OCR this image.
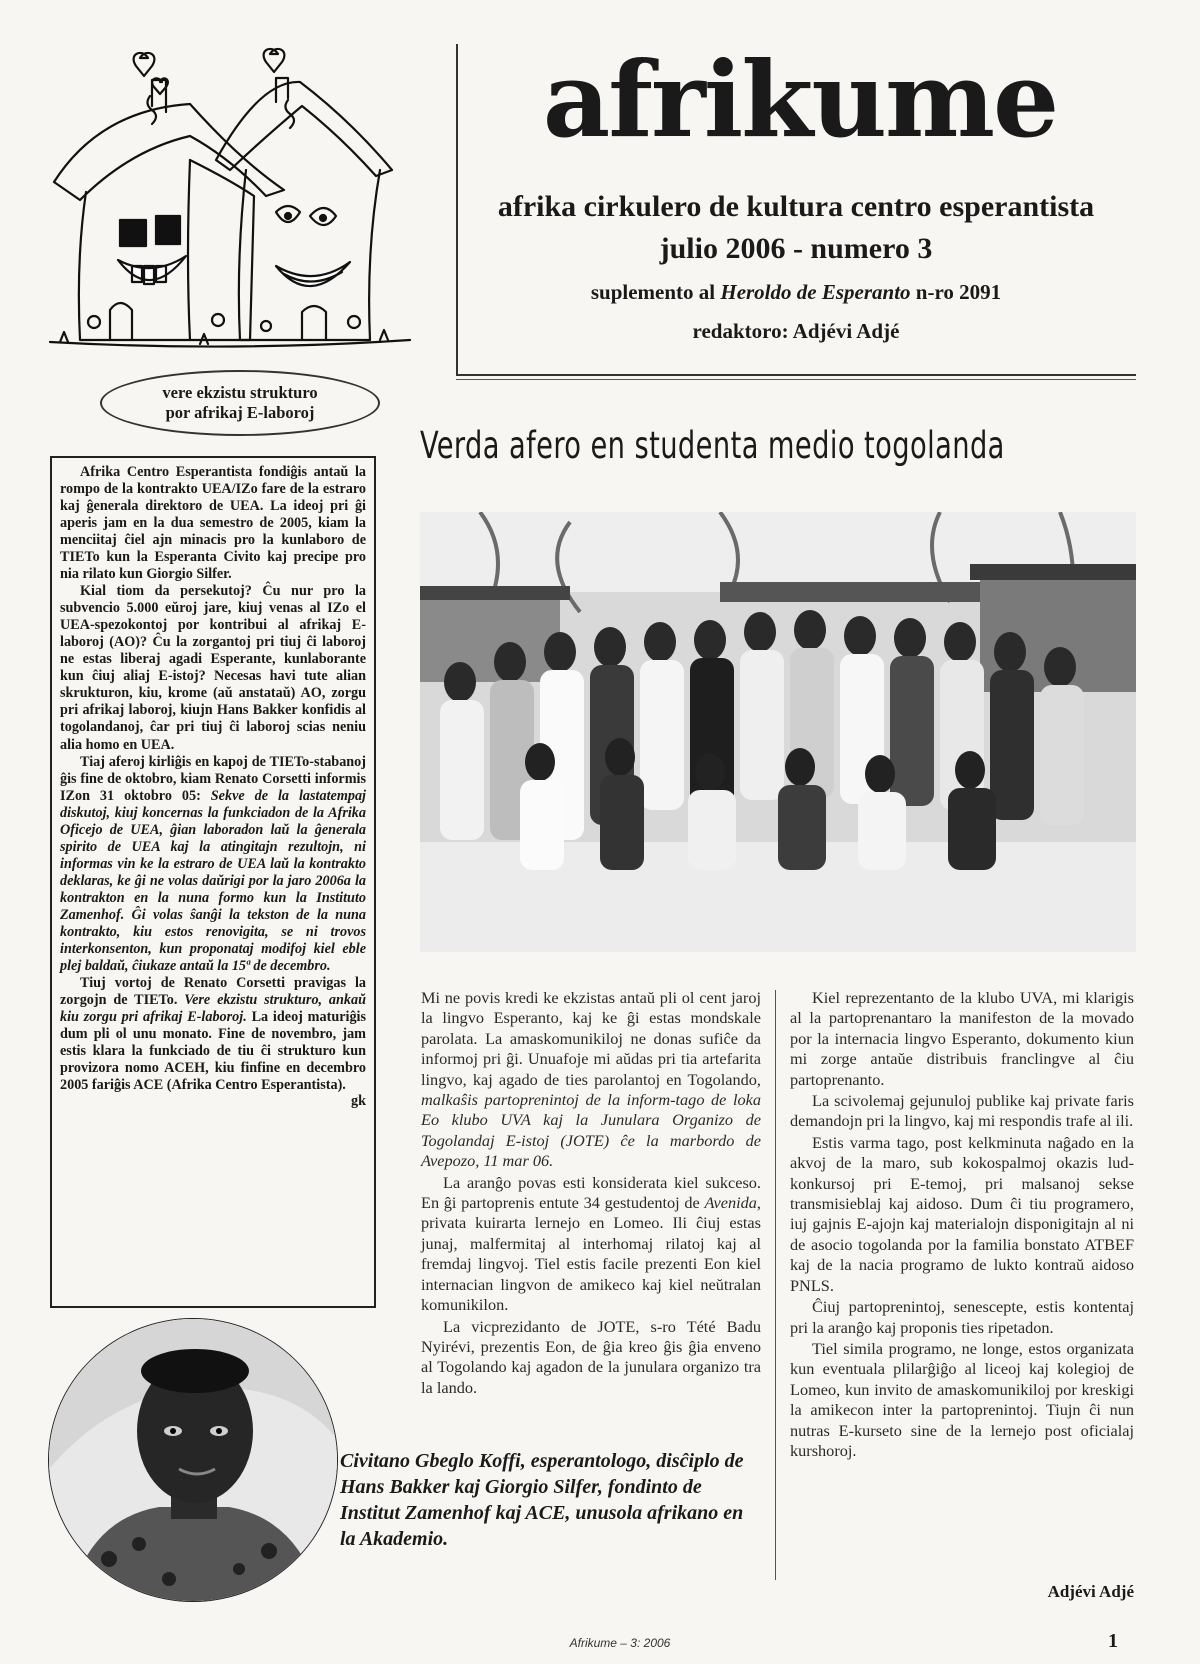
afrikume
afrika cirkulero de kultura centro esperantista
julio 2006 - numero 3
suplemento al Heroldo de Esperanto n-ro 2091
redaktoro: Adjévi Adjé
vere ekzistu strukturo
por afrikaj E-laboroj

Afrika Centro Esperantista fondiĝis antaŭ la rompo de la kontrakto UEA/IZo fare de la estraro kaj ĝenerala direktoro de UEA. La ideoj pri ĝi aperis jam en la dua semestro de 2005, kiam la menciitaj ĉiel ajn minacis pro la kunlaboro de TIETo kun la Esperanta Civito kaj precipe pro nia rilato kun Giorgio Silfer.

Kial tiom da persekutoj? Ĉu nur pro la subvencio 5.000 eŭroj jare, kiuj venas al IZo el UEA-spezokontoj por kontribui al afrikaj E-laboroj (AO)? Ĉu la zorgantoj pri tiuj ĉi laboroj ne estas liberaj agadi Esperante, kunlaborante kun ĉiuj aliaj E-istoj? Necesas havi tute alian skrukturon, kiu, krome (aŭ anstataŭ) AO, zorgu pri afrikaj laboroj, kiujn Hans Bakker konfidis al togolandanoj, ĉar pri tiuj ĉi laboroj scias neniu alia homo en UEA.

Tiaj aferoj kirliĝis en kapoj de TIETo-stabanoj ĝis fine de oktobro, kiam Renato Corsetti informis IZon 31 oktobro 05: Sekve de la lastatempaj diskutoj, kiuj koncernas la funkciadon de la Afrika Oficejo de UEA, ĝian laboradon laŭ la ĝenerala spirito de UEA kaj la atingitajn rezultojn, ni informas vin ke la estraro de UEA laŭ la kontrakto deklaras, ke ĝi ne volas daŭrigi por la jaro 2006a la kontrakton en la nuna formo kun la Instituto Zamenhof. Ĝi volas ŝanĝi la tekston de la nuna kontrakto, kiu estos renovigita, se ni trovos interkonsenton, kun proponataj modifoj kiel eble plej baldaŭ, ĉiukaze antaŭ la 15ª de decembro.

Tiuj vortoj de Renato Corsetti pravigas la zorgojn de TIETo. Vere ekzistu strukturo, ankaŭ kiu zorgu pri afrikaj E-laboroj. La ideoj maturiĝis dum pli ol unu monato. Fine de novembro, jam estis klara la funkciado de tiu ĉi strukturo kun provizora nomo ACEH, kiu finfine en decembro 2005 fariĝis ACE (Afrika Centro Esperantista).

gk
Civitano Gbeglo Koffi, esperantologo, disĉiplo de Hans Bakker kaj Giorgio Silfer, fondinto de Institut Zamenhof kaj ACE, unusola afrikano en la Akademio.
Verda afero en studenta medio togolanda

Mi ne povis kredi ke ekzistas antaŭ pli ol cent jaroj la lingvo Esperanto, kaj ke ĝi estas mondskale parolata. La amaskomunikiloj ne donas sufiĉe da informoj pri ĝi. Unuafoje mi aŭdas pri tia artefarita lingvo, kaj agado de ties parolantoj en Togolando, malkaŝis partoprenintoj de la inform-tago de loka Eo klubo UVA kaj la Junulara Organizo de Togolandaj E-istoj (JOTE) ĉe la marbordo de Avepozo, 11 mar 06.

La aranĝo povas esti konsiderata kiel sukceso. En ĝi partoprenis entute 34 gestudentoj de Avenida, privata kuirarta lernejo en Lomeo. Ili ĉiuj estas junaj, malfermitaj al interhomaj rilatoj kaj al fremdaj lingvoj. Tiel estis facile prezenti Eon kiel internacian lingvon de amikeco kaj kiel neŭtralan komunikilon.

La vicprezidanto de JOTE, s-ro Tété Badu Nyirévi, prezentis Eon, de ĝia kreo ĝis ĝia enveno al Togolando kaj agadon de la junulara organizo tra la lando.

Kiel reprezentanto de la klubo UVA, mi klarigis al la partoprenantaro la manifeston de la movado por la internacia lingvo Esperanto, dokumento kiun mi zorge antaŭe distribuis franclingve al ĉiu partoprenanto.

La scivolemaj gejunuloj publike kaj private faris demandojn pri la lingvo, kaj mi respondis trafe al ili.

Estis varma tago, post kelkminuta naĝado en la akvoj de la maro, sub kokospalmoj okazis lud-konkursoj pri E-temoj, pri malsanoj sekse transmisieblaj kaj aidoso. Dum ĉi tiu programero, iuj gajnis E-ajojn kaj materialojn disponigitajn al ni de asocio togolanda por la familia bonstato ATBEF kaj de la nacia programo de lukto kontraŭ aidoso PNLS.

Ĉiuj partoprenintoj, senescepte, estis kontentaj pri la aranĝo kaj proponis ties ripetadon.

Tiel simila programo, ne longe, estos organizata kun eventuala plilarĝiĝo al liceoj kaj kolegioj de Lomeo, kun invito de amaskomunikiloj por kreskigi la amikecon inter la partoprenintoj. Tiujn ĉi nun nutras E-kurseto sine de la lernejo post oficialaj kurshoroj.

Adjévi Adjé
Afrikume – 3: 2006	1
